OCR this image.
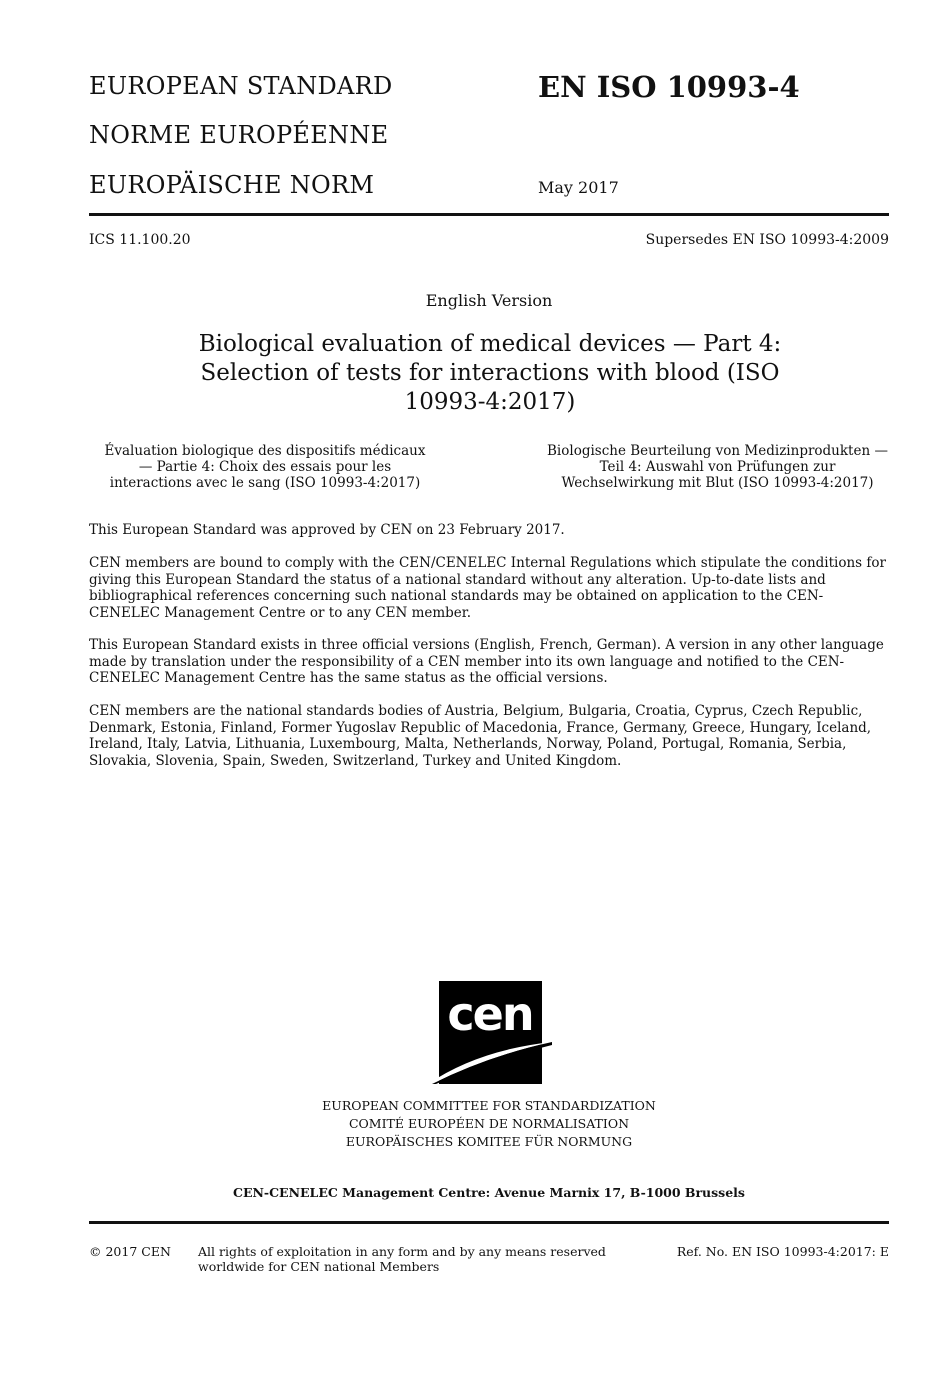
EUROPEAN STANDARD
NORME EUROPÉENNE
EUROPÄISCHE NORM
EN ISO 10993-4
May 2017
ICS 11.100.20	Supersedes EN ISO 10993-4:2009
English Version
Biological evaluation of medical devices — Part 4: Selection of tests for interactions with blood (ISO 10993-4:2017)
Évaluation biologique des dispositifs médicaux — Partie 4: Choix des essais pour les interactions avec le sang (ISO 10993-4:2017)
Biologische Beurteilung von Medizinprodukten — Teil 4: Auswahl von Prüfungen zur Wechselwirkung mit Blut (ISO 10993-4:2017)
This European Standard was approved by CEN on 23 February 2017.
CEN members are bound to comply with the CEN/CENELEC Internal Regulations which stipulate the conditions for giving this European Standard the status of a national standard without any alteration. Up-to-date lists and bibliographical references concerning such national standards may be obtained on application to the CEN-CENELEC Management Centre or to any CEN member.
This European Standard exists in three official versions (English, French, German). A version in any other language made by translation under the responsibility of a CEN member into its own language and notified to the CEN-CENELEC Management Centre has the same status as the official versions.
CEN members are the national standards bodies of Austria, Belgium, Bulgaria, Croatia, Cyprus, Czech Republic, Denmark, Estonia, Finland, Former Yugoslav Republic of Macedonia, France, Germany, Greece, Hungary, Iceland, Ireland, Italy, Latvia, Lithuania, Luxembourg, Malta, Netherlands, Norway, Poland, Portugal, Romania, Serbia, Slovakia, Slovenia, Spain, Sweden, Switzerland, Turkey and United Kingdom.
cen
EUROPEAN COMMITTEE FOR STANDARDIZATION
COMITÉ EUROPÉEN DE NORMALISATION
EUROPÄISCHES KOMITEE FÜR NORMUNG
CEN-CENELEC Management Centre: Avenue Marnix 17, B-1000 Brussels
© 2017 CEN All rights of exploitation in any form and by any means reserved
worldwide for CEN national Members
Ref. No. EN ISO 10993-4:2017: E
